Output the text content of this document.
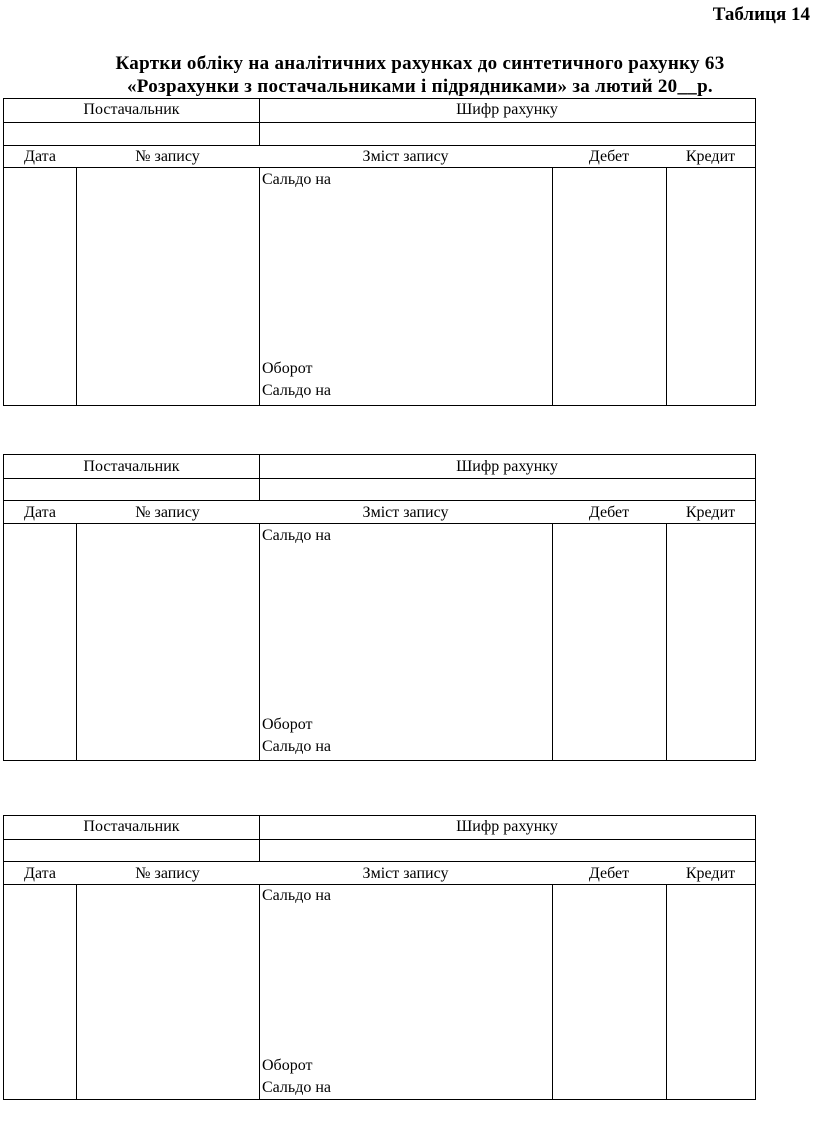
Таблиця 14
Картки обліку на аналітичних рахунках до синтетичного рахунку 63
«Розрахунки з постачальниками і підрядниками» за лютий 20__р.
Постачальник	Шифр рахунку
Дата	№ запису	Зміст запису	Дебет	Кредит
Сальдо на
Оборот
Сальдо на
Постачальник	Шифр рахунку
Дата	№ запису	Зміст запису	Дебет	Кредит
Сальдо на
Оборот
Сальдо на
Постачальник	Шифр рахунку
Дата	№ запису	Зміст запису	Дебет	Кредит
Сальдо на
Оборот
Сальдо на
